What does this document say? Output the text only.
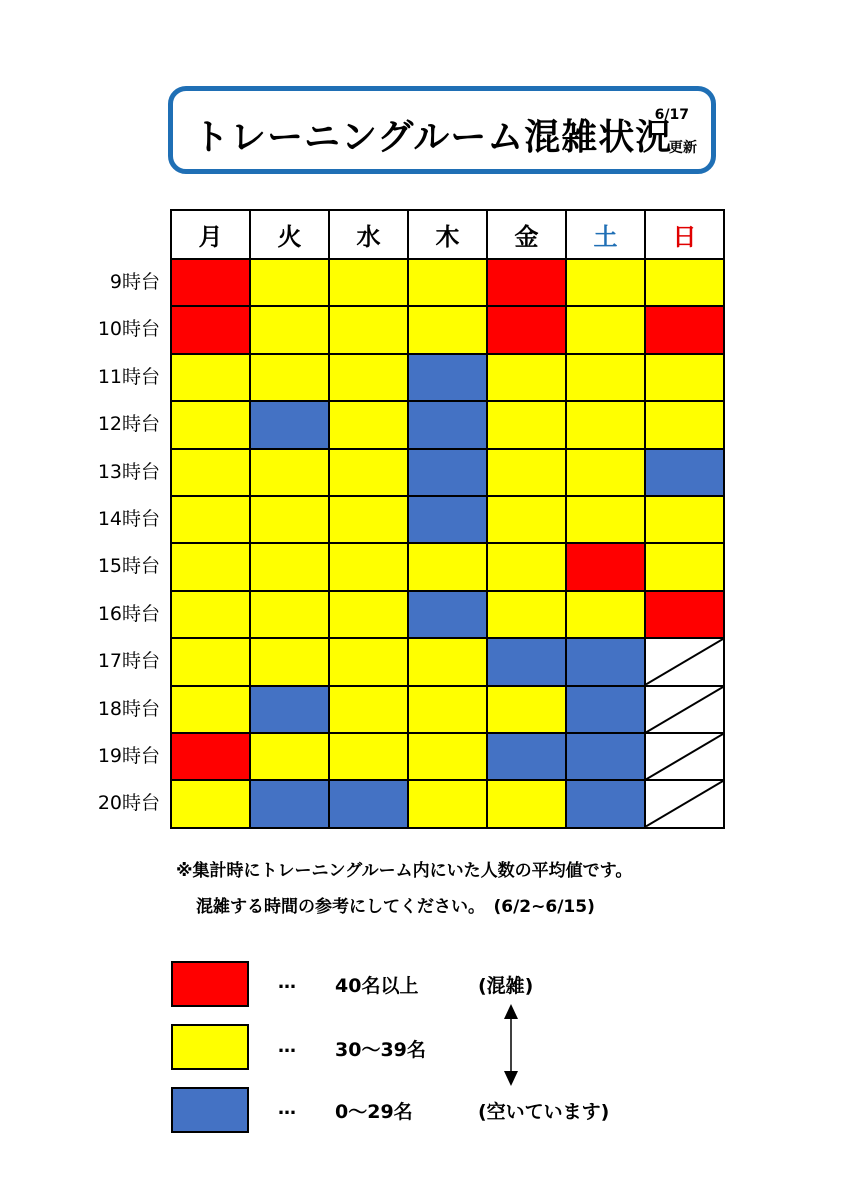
トレーニングルーム混雑状況
6/17
更新
月	火	水	木	金	土	日
9時台
10時台
11時台
12時台
13時台
14時台
15時台
16時台
17時台
18時台
19時台
20時台
※集計時にトレーニングルーム内にいた人数の平均値です。
混雑する時間の参考にしてください。　(6/2~6/15)
… 40名以上	(混雑)
… 30〜39名
… 0〜29名	(空いています)
